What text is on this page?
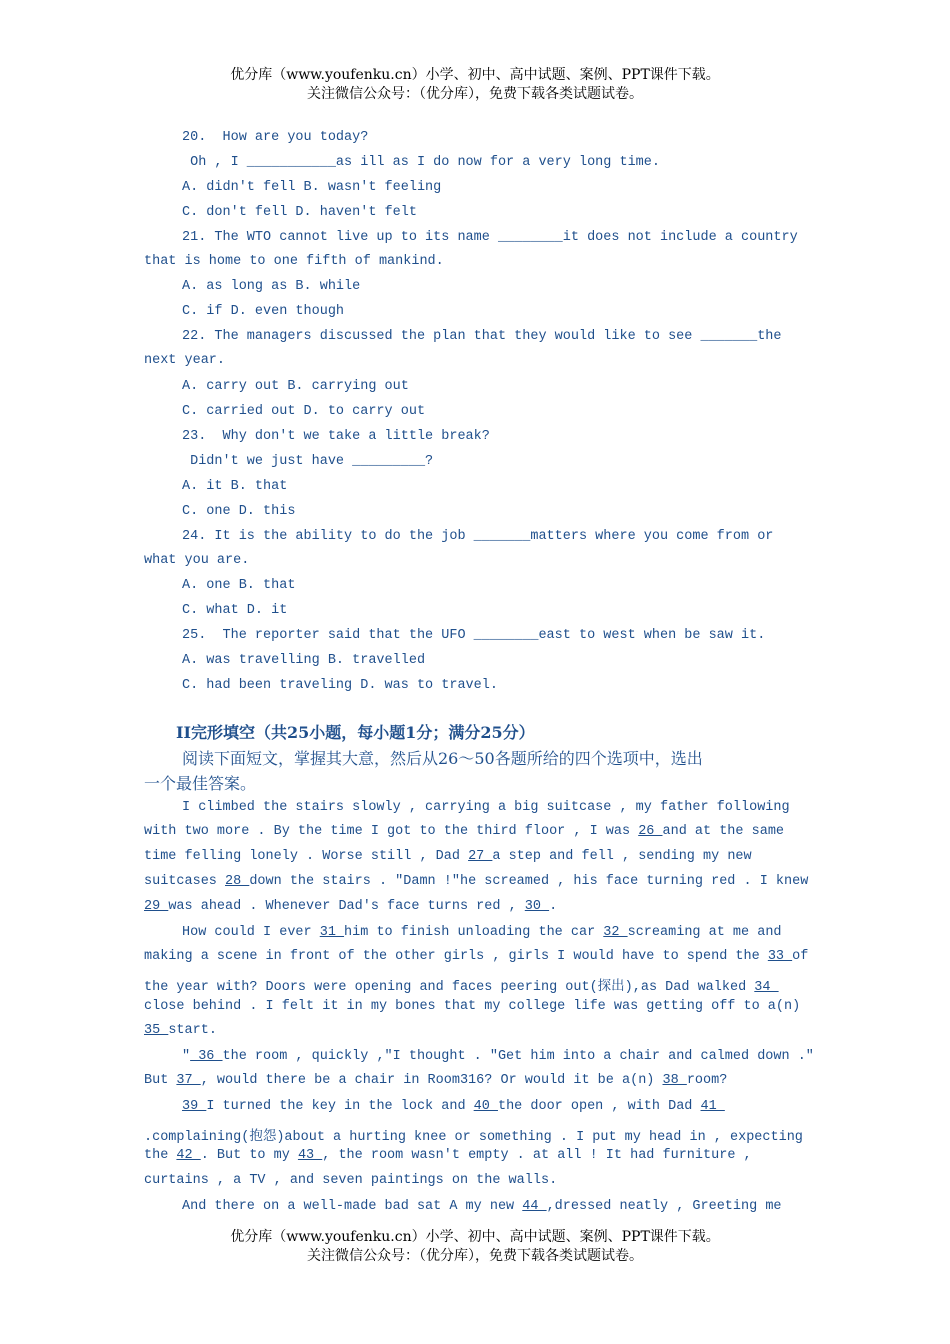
优分库（www.youfenku.cn）小学、初中、高中试题、案例、PPT课件下载。
关注微信公众号：（优分库），免费下载各类试题试卷。
20.  How are you today?
Oh , I ___________as ill as I do now for a very long time.
A. didn't fell B. wasn't feeling
C. don't fell D. haven't felt
21. The WTO cannot live up to its name ________it does not include a country
that is home to one fifth of mankind.
A. as long as B. while
C. if D. even though
22. The managers discussed the plan that they would like to see _______the
next year.
A. carry out B. carrying out
C. carried out D. to carry out
23.  Why don't we take a little break?
Didn't we just have _________?
A. it B. that
C. one D. this
24. It is the ability to do the job _______matters where you come from or
what you are.
A. one B. that
C. what D. it
25.  The reporter said that the UFO ________east to west when be saw it.
A. was travelling B. travelled
C. had been traveling D. was to travel.
II完形填空（共25小题，每小题1分；满分25分）
阅读下面短文，掌握其大意，然后从26～50各题所给的四个选项中，选出
一个最佳答案。
I climbed the stairs slowly , carrying a big suitcase , my father following
with two more . By the time I got to the third floor , I was 26 and at the same
time felling lonely . Worse still , Dad 27 a step and fell , sending my new
suitcases 28 down the stairs . "Damn !"he screamed , his face turning red . I knew
29 was ahead . Whenever Dad's face turns red , 30 .
How could I ever 31 him to finish unloading the car 32 screaming at me and
making a scene in front of the other girls , girls I would have to spend the 33 of
the year with? Doors were opening and faces peering out(探出),as Dad walked 34
close behind . I felt it in my bones that my college life was getting off to a(n)
35 start.
" 36 the room , quickly ,"I thought . "Get him into a chair and calmed down ."
But 37 , would there be a chair in Room316? Or would it be a(n) 38 room?
39 I turned the key in the lock and 40 the door open , with Dad 41
.complaining(抱怨)about a hurting knee or something . I put my head in , expecting
the 42 . But to my 43 , the room wasn't empty . at all ! It had furniture ,
curtains , a TV , and seven paintings on the walls.
And there on a well-made bad sat A my new 44 ,dressed neatly , Greeting me
优分库（www.youfenku.cn）小学、初中、高中试题、案例、PPT课件下载。
关注微信公众号：（优分库），免费下载各类试题试卷。
